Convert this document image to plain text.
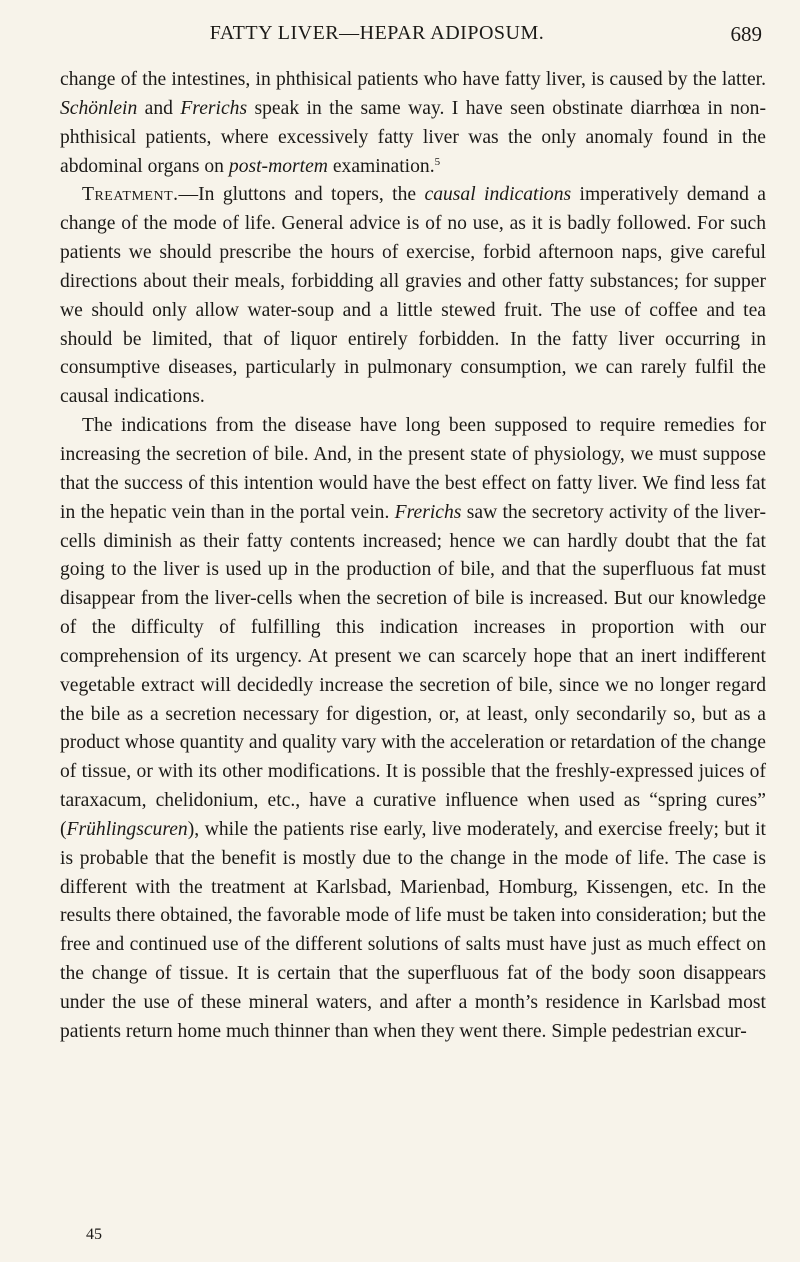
FATTY LIVER—HEPAR ADIPOSUM.	689

change of the intestines, in phthisical patients who have fatty liver, is caused by the latter. Schönlein and Frerichs speak in the same way. I have seen obstinate diarrhœa in non-phthisical patients, where excessively fatty liver was the only anomaly found in the abdominal organs on post-mortem examination.$^5$

Treatment.—In gluttons and topers, the causal indications imperatively demand a change of the mode of life. General advice is of no use, as it is badly followed. For such patients we should prescribe the hours of exercise, forbid afternoon naps, give careful directions about their meals, forbidding all gravies and other fatty substances; for supper we should only allow water-soup and a little stewed fruit. The use of coffee and tea should be limited, that of liquor entirely forbidden. In the fatty liver occurring in consumptive diseases, particularly in pulmonary consumption, we can rarely fulfil the causal indications.

The indications from the disease have long been supposed to require remedies for increasing the secretion of bile. And, in the present state of physiology, we must suppose that the success of this intention would have the best effect on fatty liver. We find less fat in the hepatic vein than in the portal vein. Frerichs saw the secretory activity of the liver-cells diminish as their fatty contents increased; hence we can hardly doubt that the fat going to the liver is used up in the production of bile, and that the superfluous fat must disappear from the liver-cells when the secretion of bile is increased. But our knowledge of the difficulty of fulfilling this indication increases in proportion with our comprehension of its urgency. At present we can scarcely hope that an inert indifferent vegetable extract will decidedly increase the secretion of bile, since we no longer regard the bile as a secretion necessary for digestion, or, at least, only secondarily so, but as a product whose quantity and quality vary with the acceleration or retardation of the change of tissue, or with its other modifications. It is possible that the freshly-expressed juices of taraxacum, chelidonium, etc., have a curative influence when used as “spring cures” (Frühlingscuren), while the patients rise early, live moderately, and exercise freely; but it is probable that the benefit is mostly due to the change in the mode of life. The case is different with the treatment at Karlsbad, Marienbad, Homburg, Kissengen, etc. In the results there obtained, the favorable mode of life must be taken into consideration; but the free and continued use of the different solutions of salts must have just as much effect on the change of tissue. It is certain that the superfluous fat of the body soon disappears under the use of these mineral waters, and after a month’s residence in Karlsbad most patients return home much thinner than when they went there. Simple pedestrian excur-

45
